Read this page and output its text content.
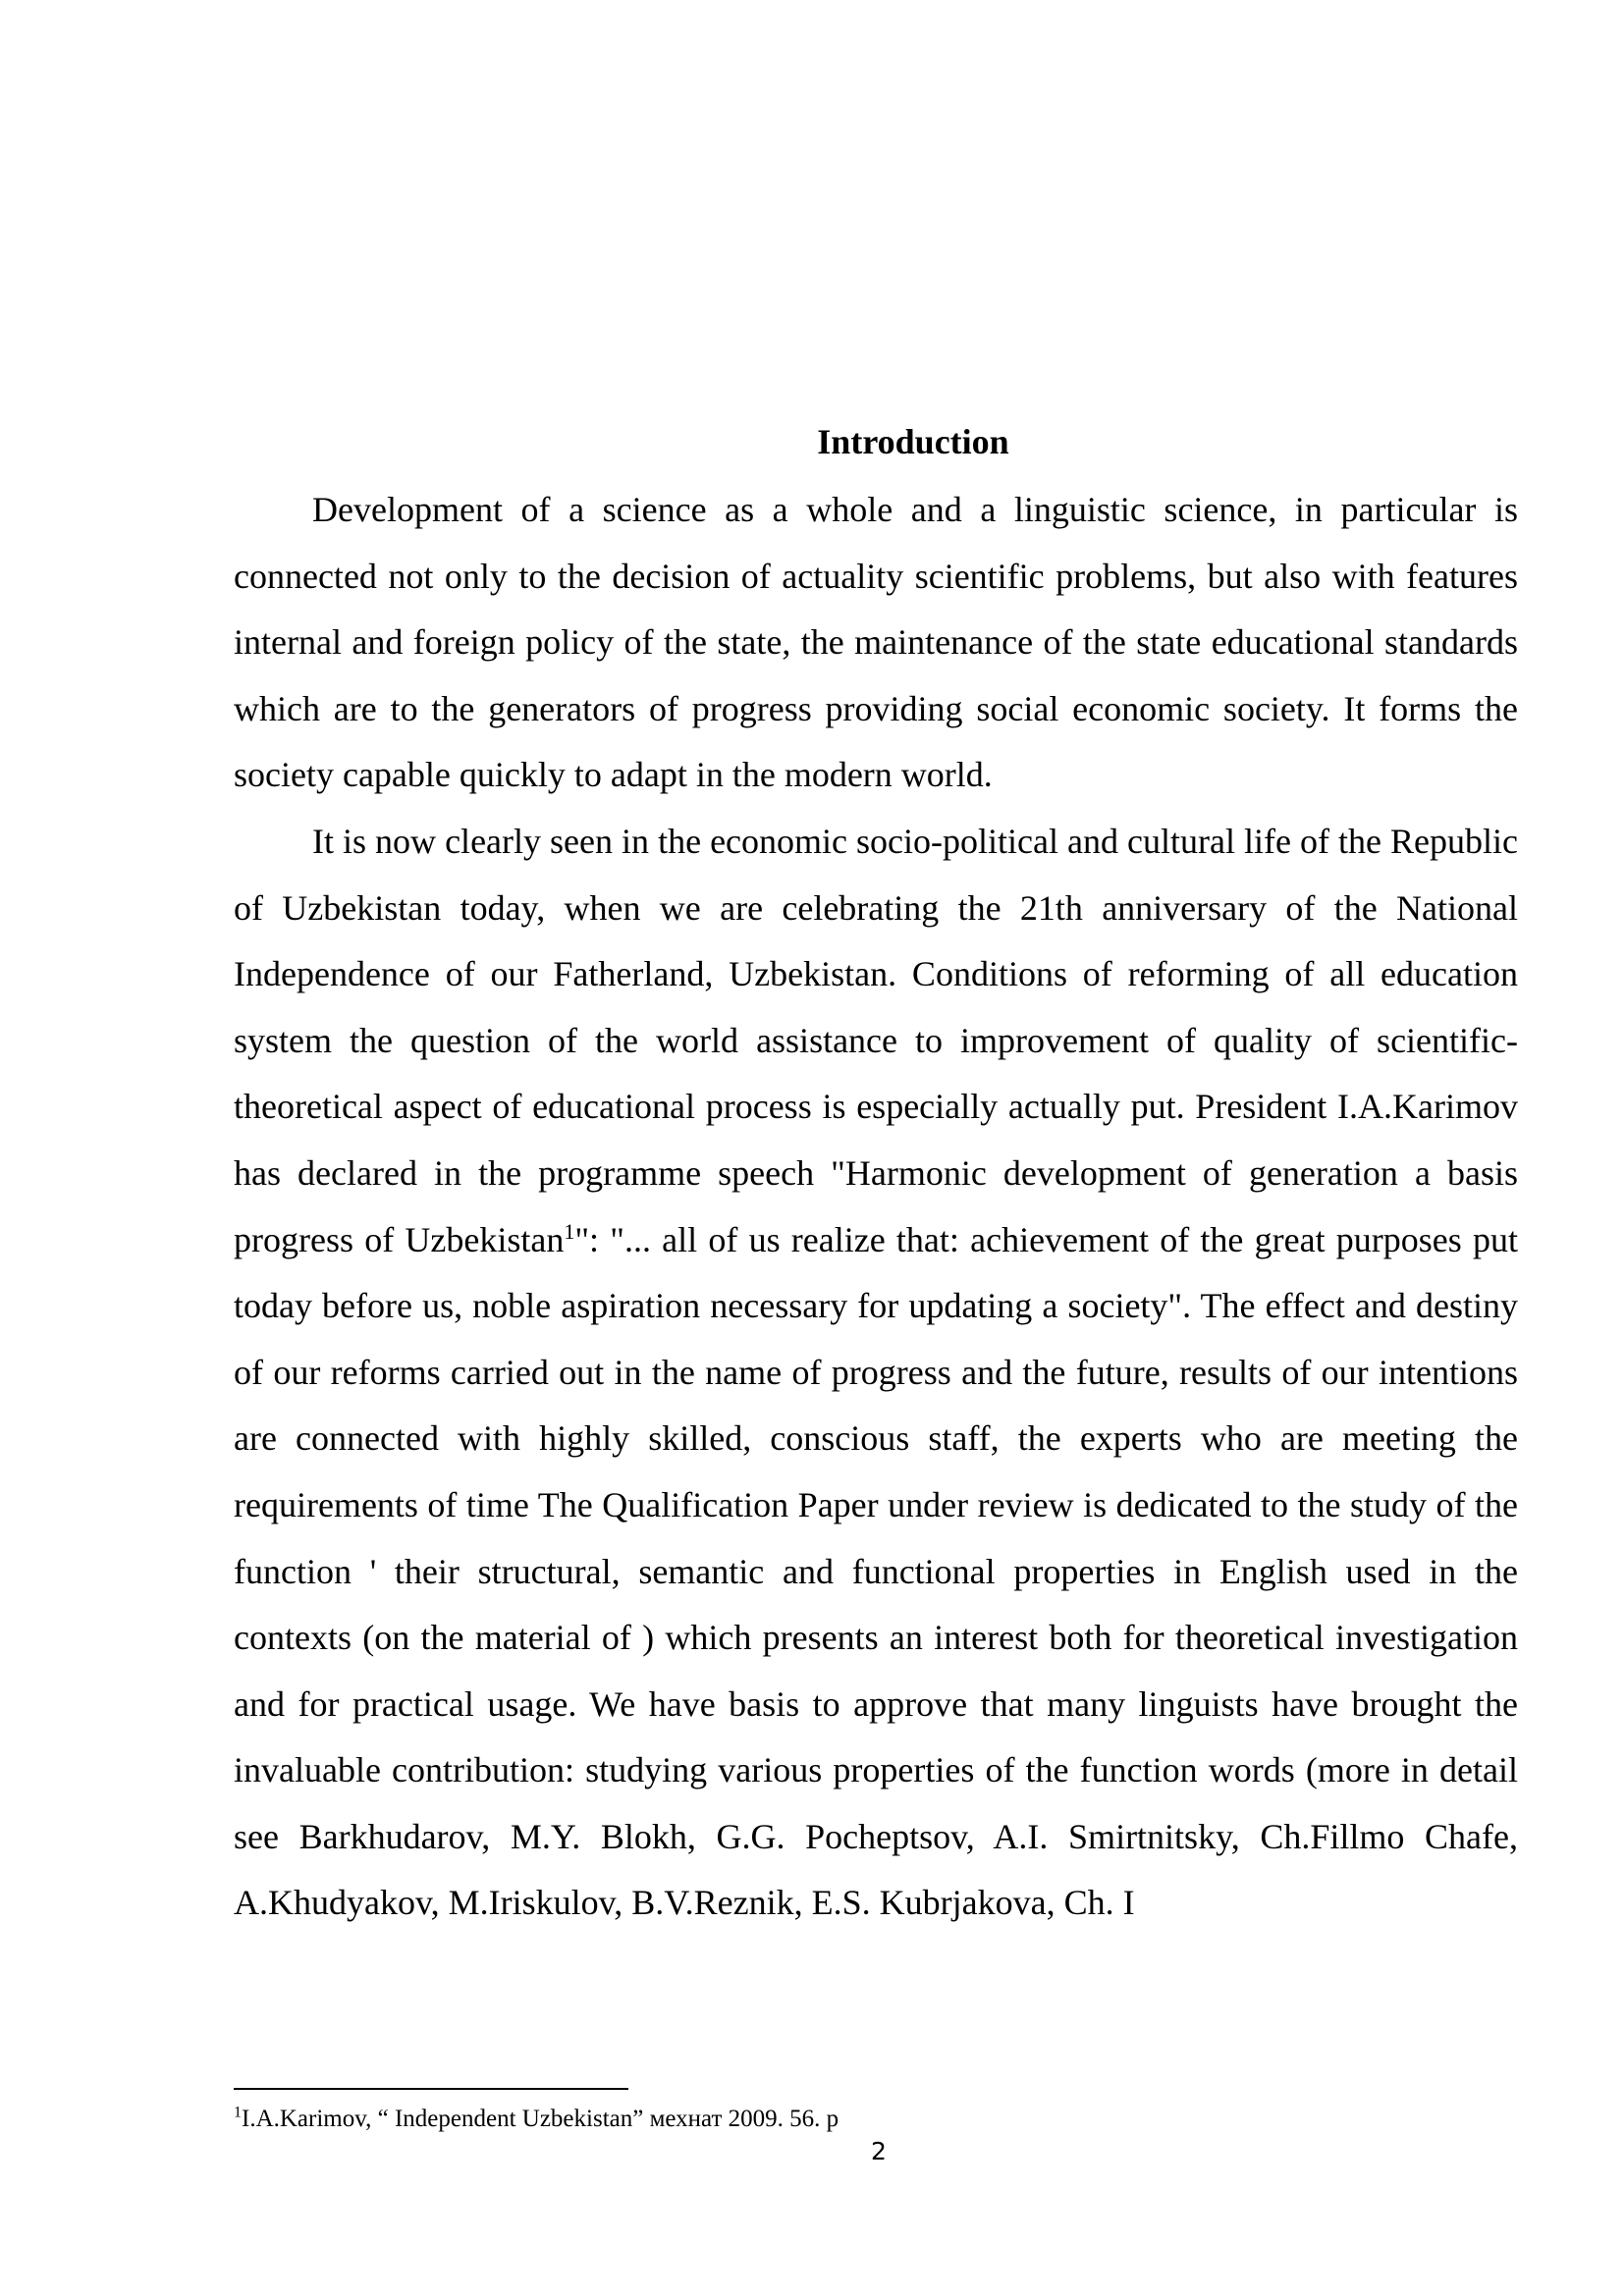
Introduction

Development of a science as a whole and a linguistic science, in particular is connected not only to the decision of actuality scientific problems, but also with features internal and foreign policy of the state, the maintenance of the state educational standards which are to the generators of progress providing social economic society. It forms the society capable quickly to adapt in the modern world.

It is now clearly seen in the economic socio-political and cultural life of the Republic of Uzbekistan today, when we are celebrating the 21th anniversary of the National Independence of our Fatherland, Uzbekistan. Conditions of reforming of all education system the question of the world assistance to improvement of quality of scientific-theoretical aspect of educational process is especially actually put. President I.A.Karimov has declared in the programme speech "Harmonic development of generation a basis progress of Uzbekistan$^1$": "... all of us realize that: achievement of the great purposes put today before us, noble aspiration necessary for updating a society". The effect and destiny of our reforms carried out in the name of progress and the future, results of our intentions are connected with highly skilled, conscious staff, the experts who are meeting the requirements of time The Qualification Paper under review is dedicated to the study of the function ' their structural, semantic and functional properties in English used in the contexts (on the material of ) which presents an interest both for theoretical investigation and for practical usage. We have basis to approve that many linguists have brought the invaluable contribution: studying various properties of the function words (more in detail see Barkhudarov, M.Y. Blokh, G.G. Pocheptsov, A.I. Smirtnitsky, Ch.Fillmo Chafe, A.Khudyakov, M.Iriskulov, B.V.Reznik, E.S. Kubrjakova, Ch. I

$^1$I.A.Karimov, “ Independent Uzbekistan” мехнат 2009. 56. p

2
